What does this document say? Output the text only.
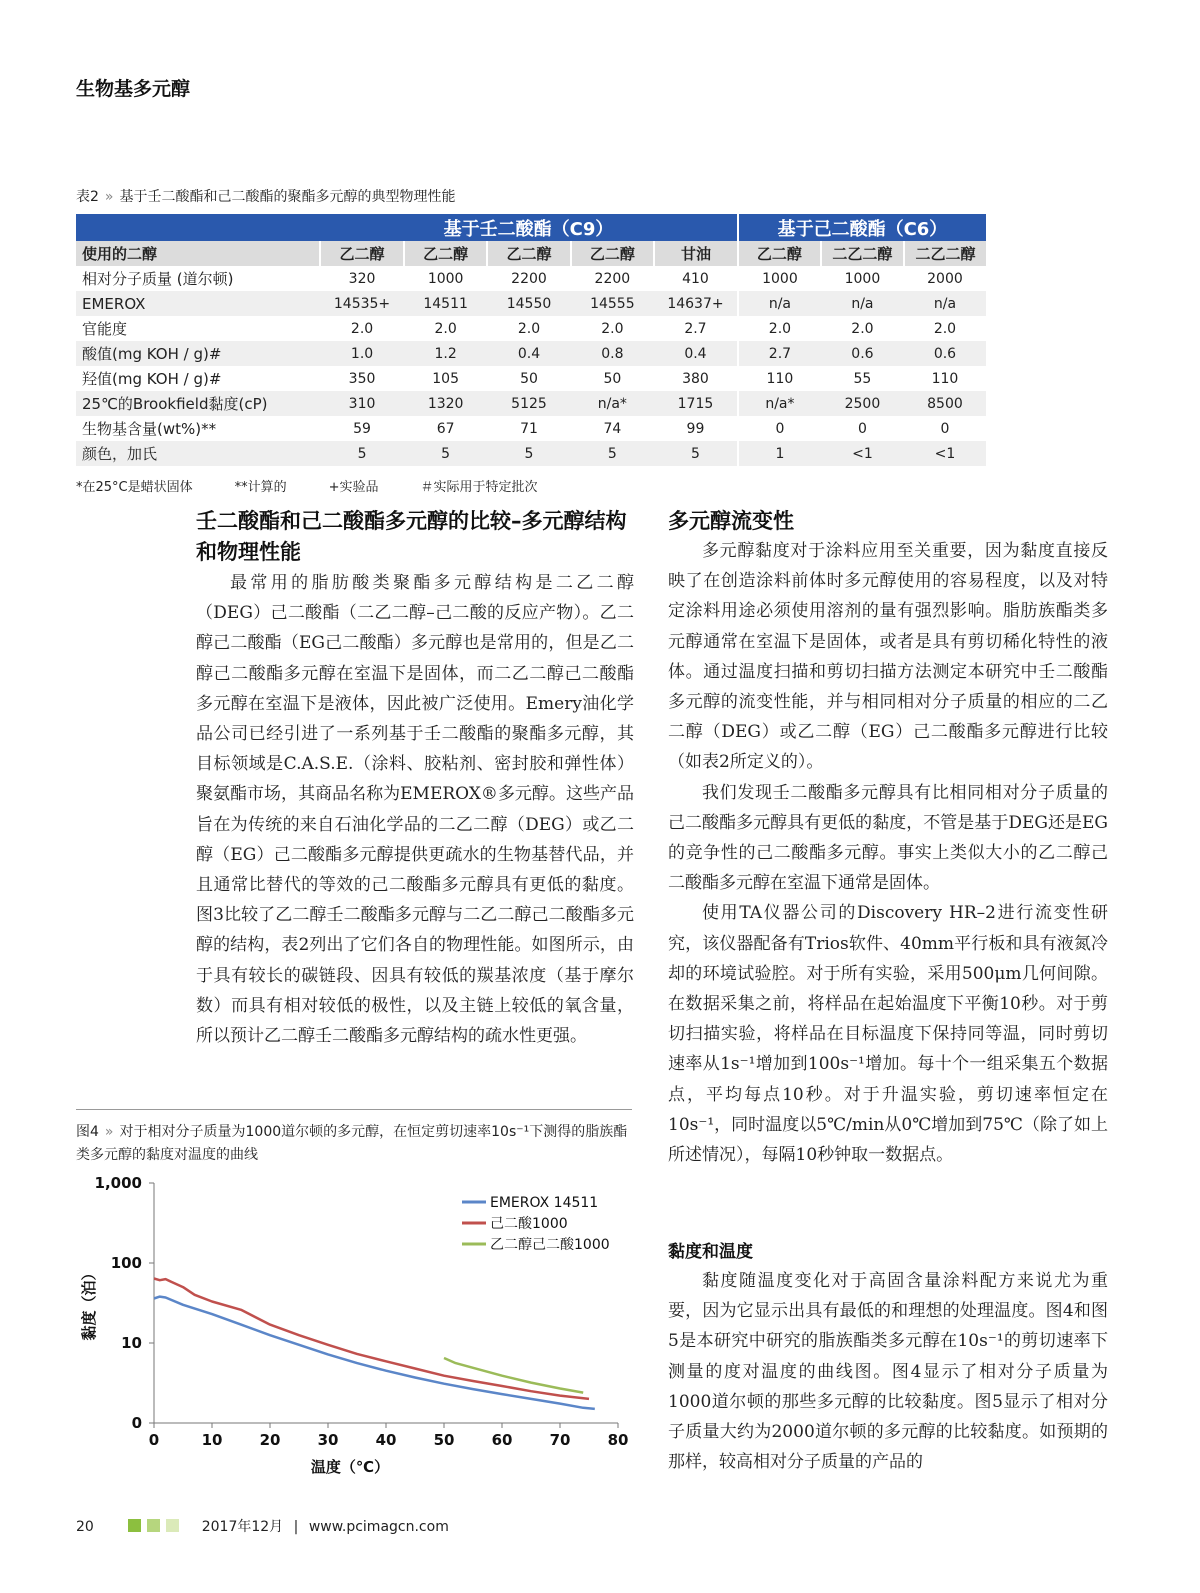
生物基多元醇
表2 » 基于壬二酸酯和己二酸酯的聚酯多元醇的典型物理性能
	基于壬二酸酯（C9）					基于己二酸酯（C6）		
使用的二醇	乙二醇	乙二醇	乙二醇	乙二醇	甘油	乙二醇	二乙二醇	二乙二醇
相对分子质量 (道尔顿)	320	1000	2200	2200	410	1000	1000	2000
EMEROX	14535+	14511	14550	14555	14637+	n/a	n/a	n/a
官能度	2.0	2.0	2.0	2.0	2.7	2.0	2.0	2.0
酸值(mg KOH / g)#	1.0	1.2	0.4	0.8	0.4	2.7	0.6	0.6
羟值(mg KOH / g)#	350	105	50	50	380	110	55	110
25℃的Brookfield黏度(cP)	310	1320	5125	n/a*	1715	n/a*	2500	8500
生物基含量(wt%)**	59	67	71	74	99	0	0	0
颜色，加氏	5	5	5	5	5	1	<1	<1
*在25°C是蜡状固体	**计算的	+实验品	＃实际用于特定批次
壬二酸酯和己二酸酯多元醇的比较–多元醇结构和物理性能

最常用的脂肪酸类聚酯多元醇结构是二乙二醇（DEG）己二酸酯（二乙二醇–己二酸的反应产物）。乙二醇己二酸酯（EG己二酸酯）多元醇也是常用的，但是乙二醇己二酸酯多元醇在室温下是固体，而二乙二醇己二酸酯多元醇在室温下是液体，因此被广泛使用。Emery油化学品公司已经引进了一系列基于壬二酸酯的聚酯多元醇，其目标领域是C.A.S.E.（涂料、胶粘剂、密封胶和弹性体）聚氨酯市场，其商品名称为EMEROX®多元醇。这些产品旨在为传统的来自石油化学品的二乙二醇（DEG）或乙二醇（EG）己二酸酯多元醇提供更疏水的生物基替代品，并且通常比替代的等效的己二酸酯多元醇具有更低的黏度。图3比较了乙二醇壬二酸酯多元醇与二乙二醇己二酸酯多元醇的结构，表2列出了它们各自的物理性能。如图所示，由于具有较长的碳链段、因具有较低的羰基浓度（基于摩尔数）而具有相对较低的极性，以及主链上较低的氧含量，所以预计乙二醇壬二酸酯多元醇结构的疏水性更强。

图4 » 对于相对分子质量为1000道尔顿的多元醇，在恒定剪切速率10s⁻¹下测得的脂族酯类多元醇的黏度对温度的曲线
0
10
100
1,000
0	10 20 30 40 50 60 70 80
温度（℃）
黏度（泊）
EMEROX 14511
己二酸1000
乙二醇己二酸1000
多元醇流变性

多元醇黏度对于涂料应用至关重要，因为黏度直接反映了在创造涂料前体时多元醇使用的容易程度，以及对特定涂料用途必须使用溶剂的量有强烈影响。脂肪族酯类多元醇通常在室温下是固体，或者是具有剪切稀化特性的液体。通过温度扫描和剪切扫描方法测定本研究中壬二酸酯多元醇的流变性能，并与相同相对分子质量的相应的二乙二醇（DEG）或乙二醇（EG）己二酸酯多元醇进行比较（如表2所定义的）。

我们发现壬二酸酯多元醇具有比相同相对分子质量的己二酸酯多元醇具有更低的黏度，不管是基于DEG还是EG的竞争性的己二酸酯多元醇。事实上类似大小的乙二醇己二酸酯多元醇在室温下通常是固体。

使用TA仪器公司的Discovery HR–2进行流变性研究，该仪器配备有Trios软件、40mm平行板和具有液氮冷却的环境试验腔。对于所有实验，采用500μm几何间隙。在数据采集之前，将样品在起始温度下平衡10秒。对于剪切扫描实验，将样品在目标温度下保持同等温，同时剪切速率从1s⁻¹增加到100s⁻¹增加。每十个一组采集五个数据点，平均每点10秒。对于升温实验，剪切速率恒定在10s⁻¹，同时温度以5℃/min从0℃增加到75℃（除了如上所述情况），每隔10秒钟取一数据点。

黏度和温度

黏度随温度变化对于高固含量涂料配方来说尤为重要，因为它显示出具有最低的和理想的处理温度。图4和图5是本研究中研究的脂族酯类多元醇在10s⁻¹的剪切速率下测量的度对温度的曲线图。图4显示了相对分子质量为1000道尔顿的那些多元醇的比较黏度。图5显示了相对分子质量大约为2000道尔顿的多元醇的比较黏度。如预期的那样，较高相对分子质量的产品的

20	2017年12月 | www.pcimagcn.com
